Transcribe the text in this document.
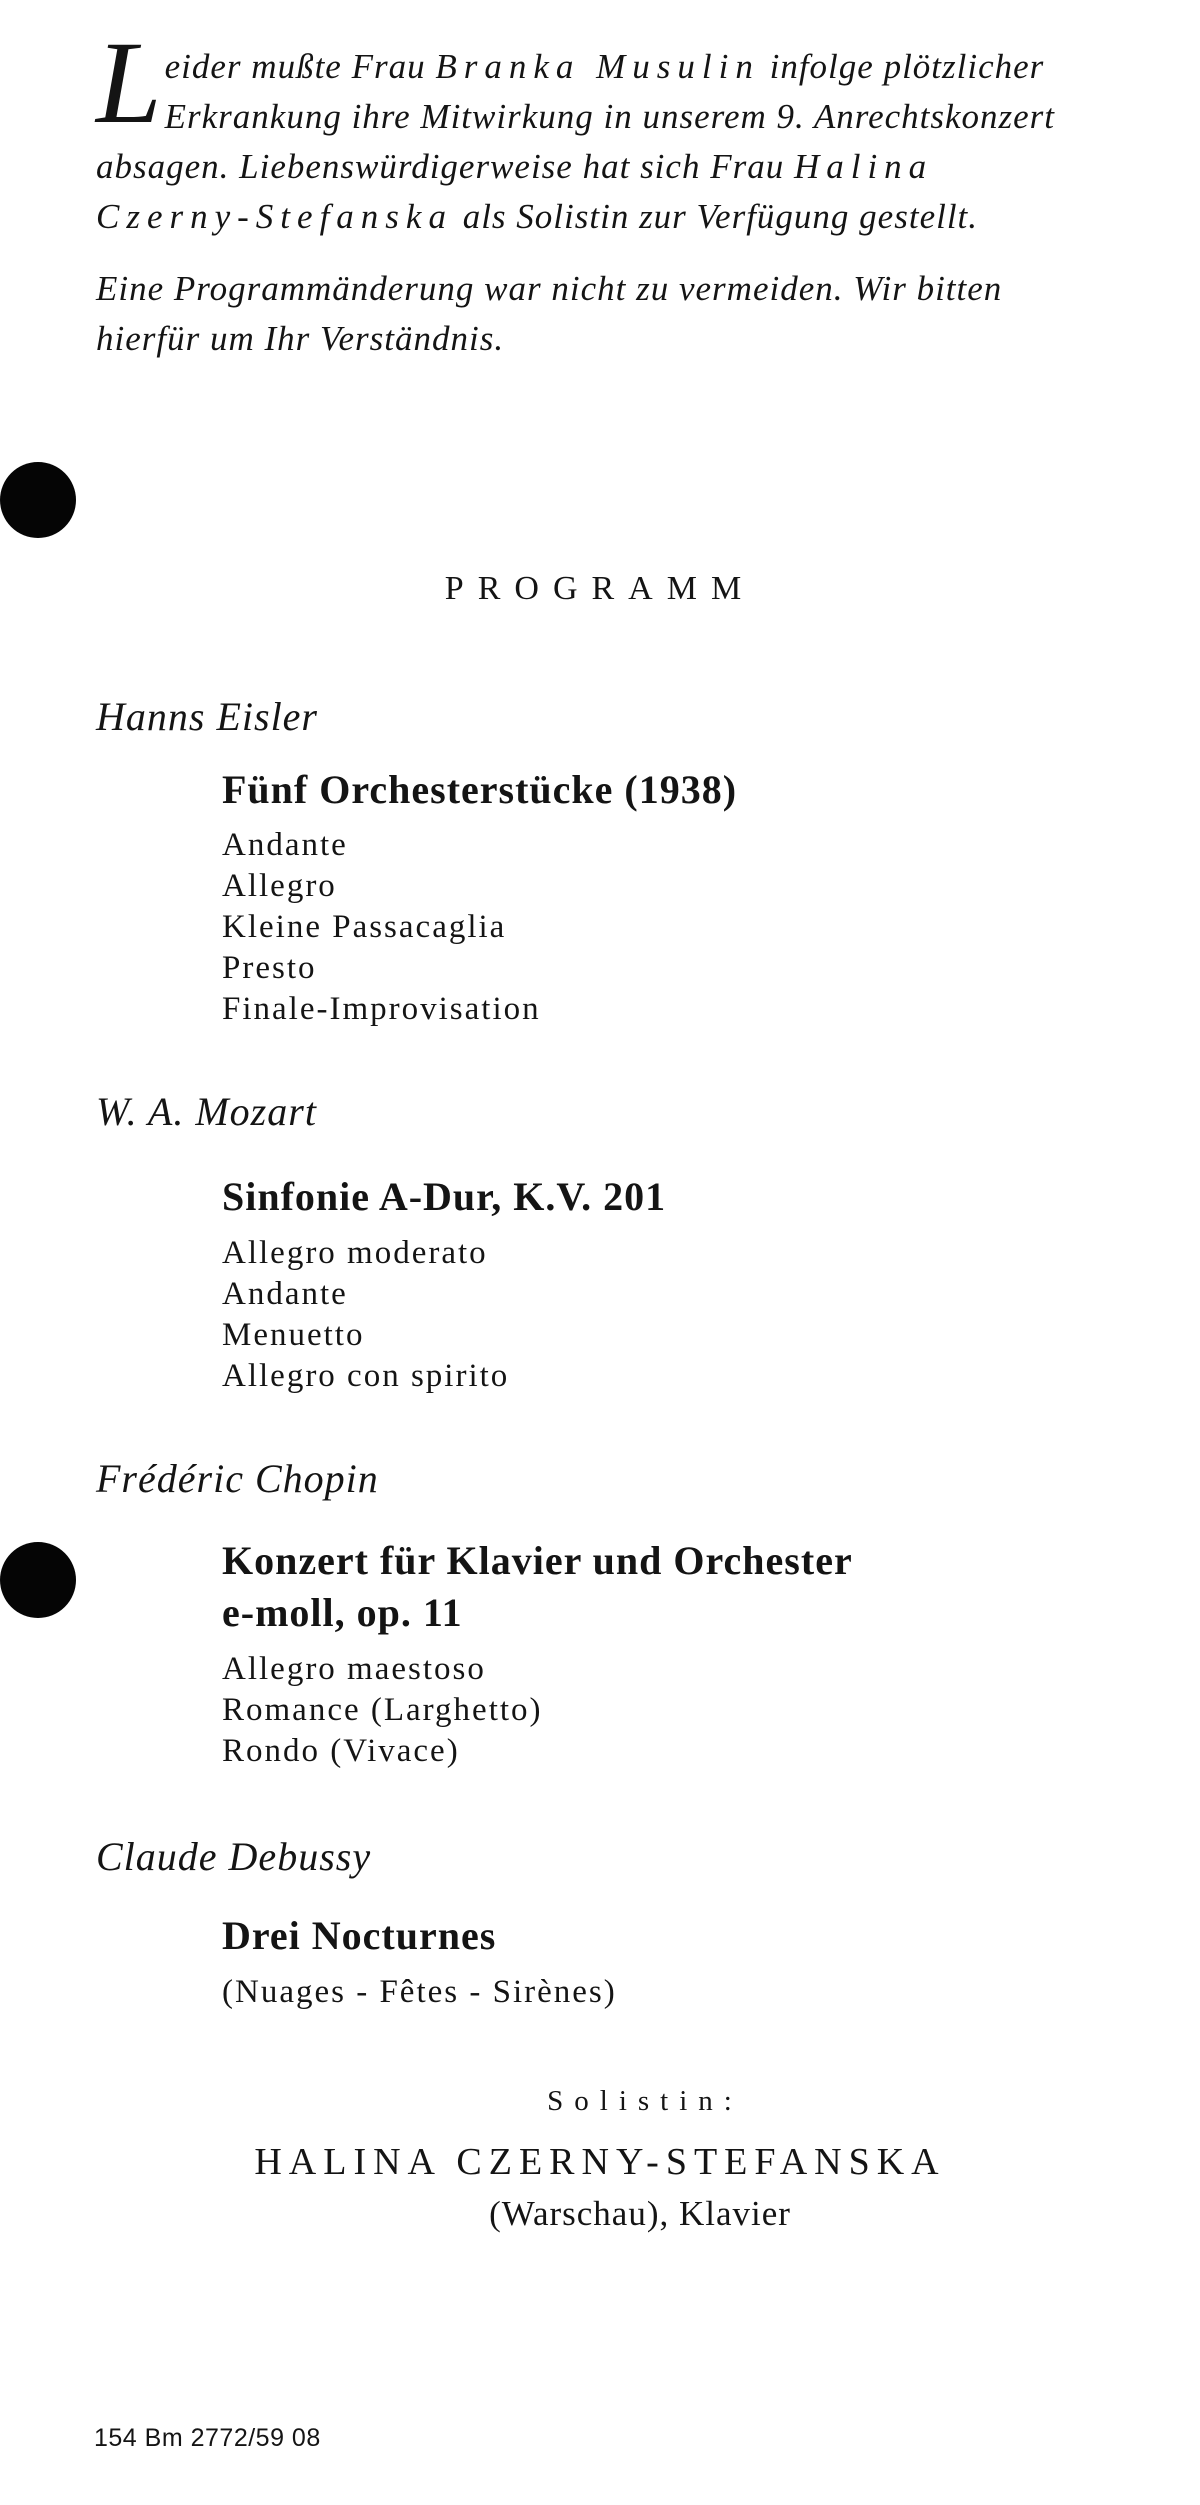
Leider mußte Frau Branka Musulin infolge plötzlicher Erkrankung ihre Mitwirkung in unserem 9. Anrechtskonzert absagen. Liebenswürdigerweise hat sich Frau Halina Czerny-Stefanska als Solistin zur Verfügung gestellt.

Eine Programmänderung war nicht zu vermeiden. Wir bitten hierfür um Ihr Verständnis.

PROGRAMM
Hanns Eisler
Fünf Orchesterstücke (1938)
Andante
Allegro
Kleine Passacaglia
Presto
Finale-Improvisation
W. A. Mozart
Sinfonie A-Dur, K.V. 201
Allegro moderato
Andante
Menuetto
Allegro con spirito
Frédéric Chopin
Konzert für Klavier und Orchester
e-moll, op. 11
Allegro maestoso
Romance (Larghetto)
Rondo (Vivace)
Claude Debussy
Drei Nocturnes
(Nuages - Fêtes - Sirènes)
Solistin:
HALINA CZERNY-STEFANSKA
(Warschau), Klavier
154 Bm 2772/59 08
